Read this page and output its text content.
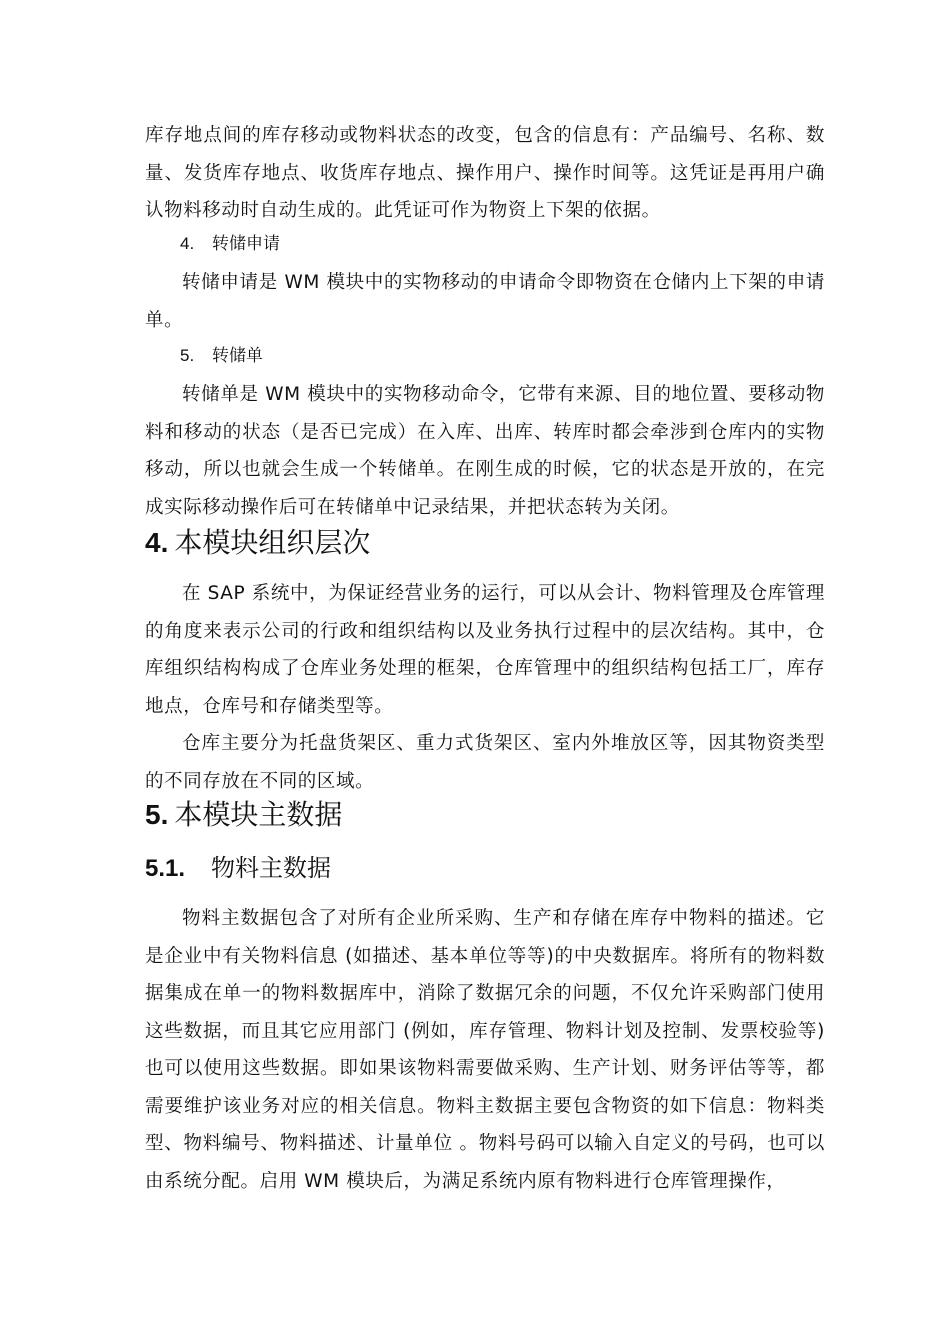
库存地点间的库存移动或物料状态的改变，包含的信息有：产品编号、名称、数量、发货库存地点、收货库存地点、操作用户、操作时间等。这凭证是再用户确认物料移动时自动生成的。此凭证可作为物资上下架的依据。

4. 转储申请

转储申请是 WM 模块中的实物移动的申请命令即物资在仓储内上下架的申请单。

5. 转储单

转储单是 WM 模块中的实物移动命令，它带有来源、目的地位置、要移动物料和移动的状态（是否已完成）在入库、出库、转库时都会牵涉到仓库内的实物移动，所以也就会生成一个转储单。在刚生成的时候，它的状态是开放的，在完成实际移动操作后可在转储单中记录结果，并把状态转为关闭。

4. 本模块组织层次

在 SAP 系统中，为保证经营业务的运行，可以从会计、物料管理及仓库管理的角度来表示公司的行政和组织结构以及业务执行过程中的层次结构。其中，仓库组织结构构成了仓库业务处理的框架，仓库管理中的组织结构包括工厂，库存地点，仓库号和存储类型等。

仓库主要分为托盘货架区、重力式货架区、室内外堆放区等，因其物资类型的不同存放在不同的区域。

5. 本模块主数据
5.1. 物料主数据

物料主数据包含了对所有企业所采购、生产和存储在库存中物料的描述。它是企业中有关物料信息 (如描述、基本单位等等)的中央数据库。将所有的物料数据集成在单一的物料数据库中，消除了数据冗余的问题，不仅允许采购部门使用这些数据，而且其它应用部门 (例如，库存管理、物料计划及控制、发票校验等)也可以使用这些数据。即如果该物料需要做采购、生产计划、财务评估等等，都需要维护该业务对应的相关信息。物料主数据主要包含物资的如下信息：物料类型、物料编号、物料描述、计量单位 。物料号码可以输入自定义的号码，也可以由系统分配。启用 WM 模块后，为满足系统内原有物料进行仓库管理操作，
